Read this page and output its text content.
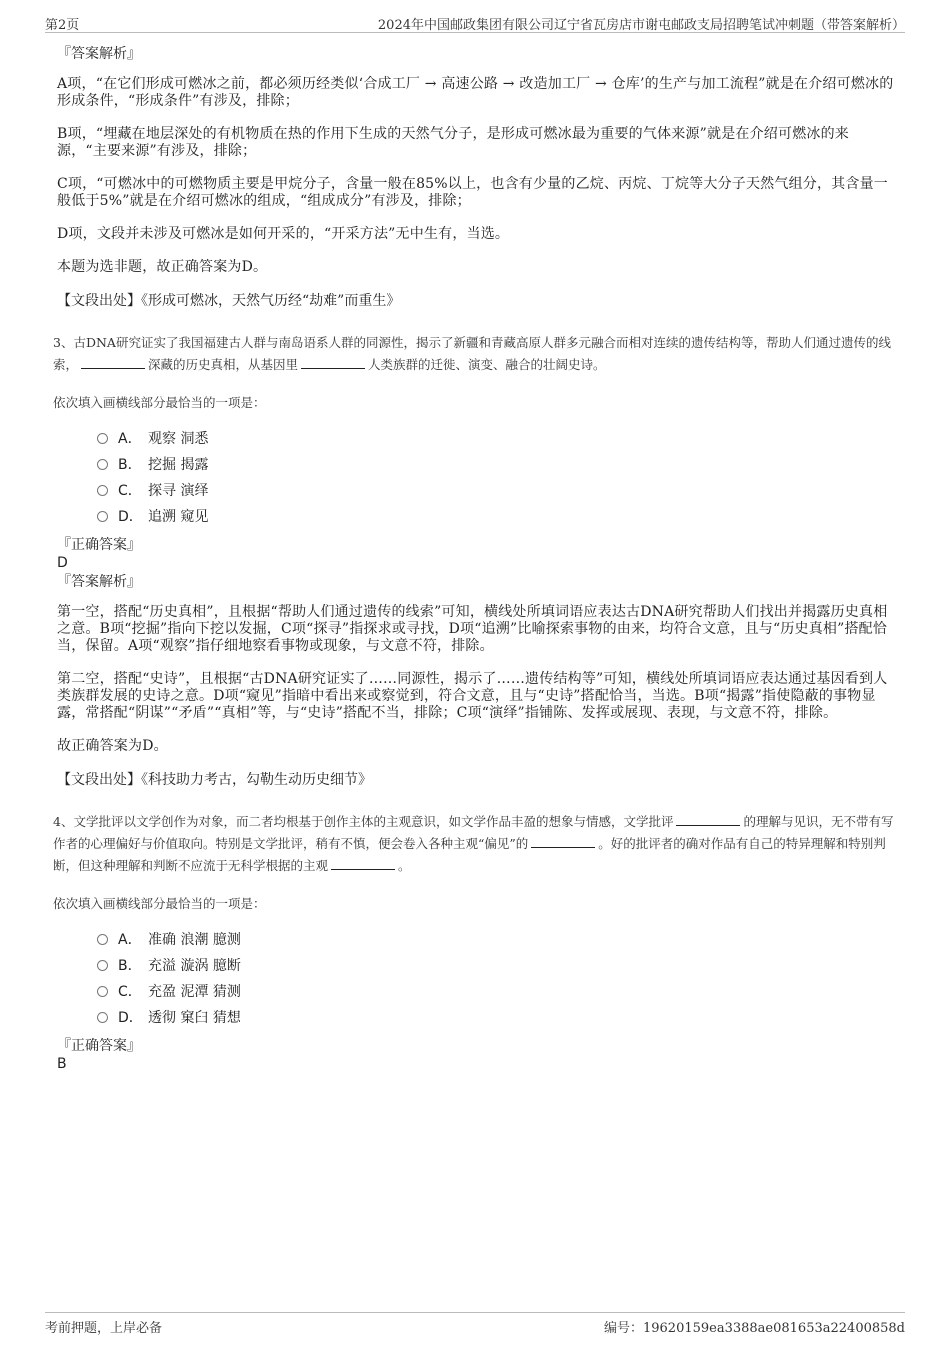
第2页	2024年中国邮政集团有限公司辽宁省瓦房店市谢屯邮政支局招聘笔试冲刺题（带答案解析）

『答案解析』

A项，“在它们形成可燃冰之前，都必须历经类似‘合成工厂 → 高速公路 → 改造加工厂 → 仓库’的生产与加工流程”就是在介绍可燃冰的形成条件，“形成条件”有涉及，排除；

B项，“埋藏在地层深处的有机物质在热的作用下生成的天然气分子，是形成可燃冰最为重要的气体来源”就是在介绍可燃冰的来源，“主要来源”有涉及，排除；

C项，“可燃冰中的可燃物质主要是甲烷分子，含量一般在85%以上，也含有少量的乙烷、丙烷、丁烷等大分子天然气组分，其含量一般低于5%”就是在介绍可燃冰的组成，“组成成分”有涉及，排除；

D项，文段并未涉及可燃冰是如何开采的，“开采方法”无中生有，当选。

本题为选非题，故正确答案为D。

【文段出处】《形成可燃冰，天然气历经“劫难”而重生》

3、古DNA研究证实了我国福建古人群与南岛语系人群的同源性，揭示了新疆和青藏高原人群多元融合而相对连续的遗传结构等，帮助人们通过遗传的线索，	深藏的历史真相，从基因里	人类族群的迁徙、演变、融合的壮阔史诗。

依次填入画横线部分最恰当的一项是：

A． 观察 洞悉
B． 挖掘 揭露
C． 探寻 演绎
D． 追溯 窥见

『正确答案』

D

『答案解析』

第一空，搭配“历史真相”，且根据“帮助人们通过遗传的线索”可知，横线处所填词语应表达古DNA研究帮助人们找出并揭露历史真相之意。B项“挖掘”指向下挖以发掘，C项“探寻”指探求或寻找，D项“追溯”比喻探索事物的由来，均符合文意，且与“历史真相”搭配恰当，保留。A项“观察”指仔细地察看事物或现象，与文意不符，排除。

第二空，搭配“史诗”，且根据“古DNA研究证实了……同源性，揭示了……遗传结构等”可知，横线处所填词语应表达通过基因看到人类族群发展的史诗之意。D项“窥见”指暗中看出来或察觉到，符合文意，且与“史诗”搭配恰当，当选。B项“揭露”指使隐蔽的事物显露，常搭配“阴谋”“矛盾”“真相”等，与“史诗”搭配不当，排除；C项“演绎”指铺陈、发挥或展现、表现，与文意不符，排除。

故正确答案为D。

【文段出处】《科技助力考古，勾勒生动历史细节》

4、文学批评以文学创作为对象，而二者均根基于创作主体的主观意识，如文学作品丰盈的想象与情感，文学批评	的理解与见识，无不带有写作者的心理偏好与价值取向。特别是文学批评，稍有不慎，便会卷入各种主观“偏见”的	。好的批评者的确对作品有自己的特异理解和特别判断，但这种理解和判断不应流于无科学根据的主观	。

依次填入画横线部分最恰当的一项是：

A． 准确 浪潮 臆测
B． 充溢 漩涡 臆断
C． 充盈 泥潭 猜测
D． 透彻 窠臼 猜想

『正确答案』

B

考前押题，上岸必备	编号：19620159ea3388ae081653a22400858d
